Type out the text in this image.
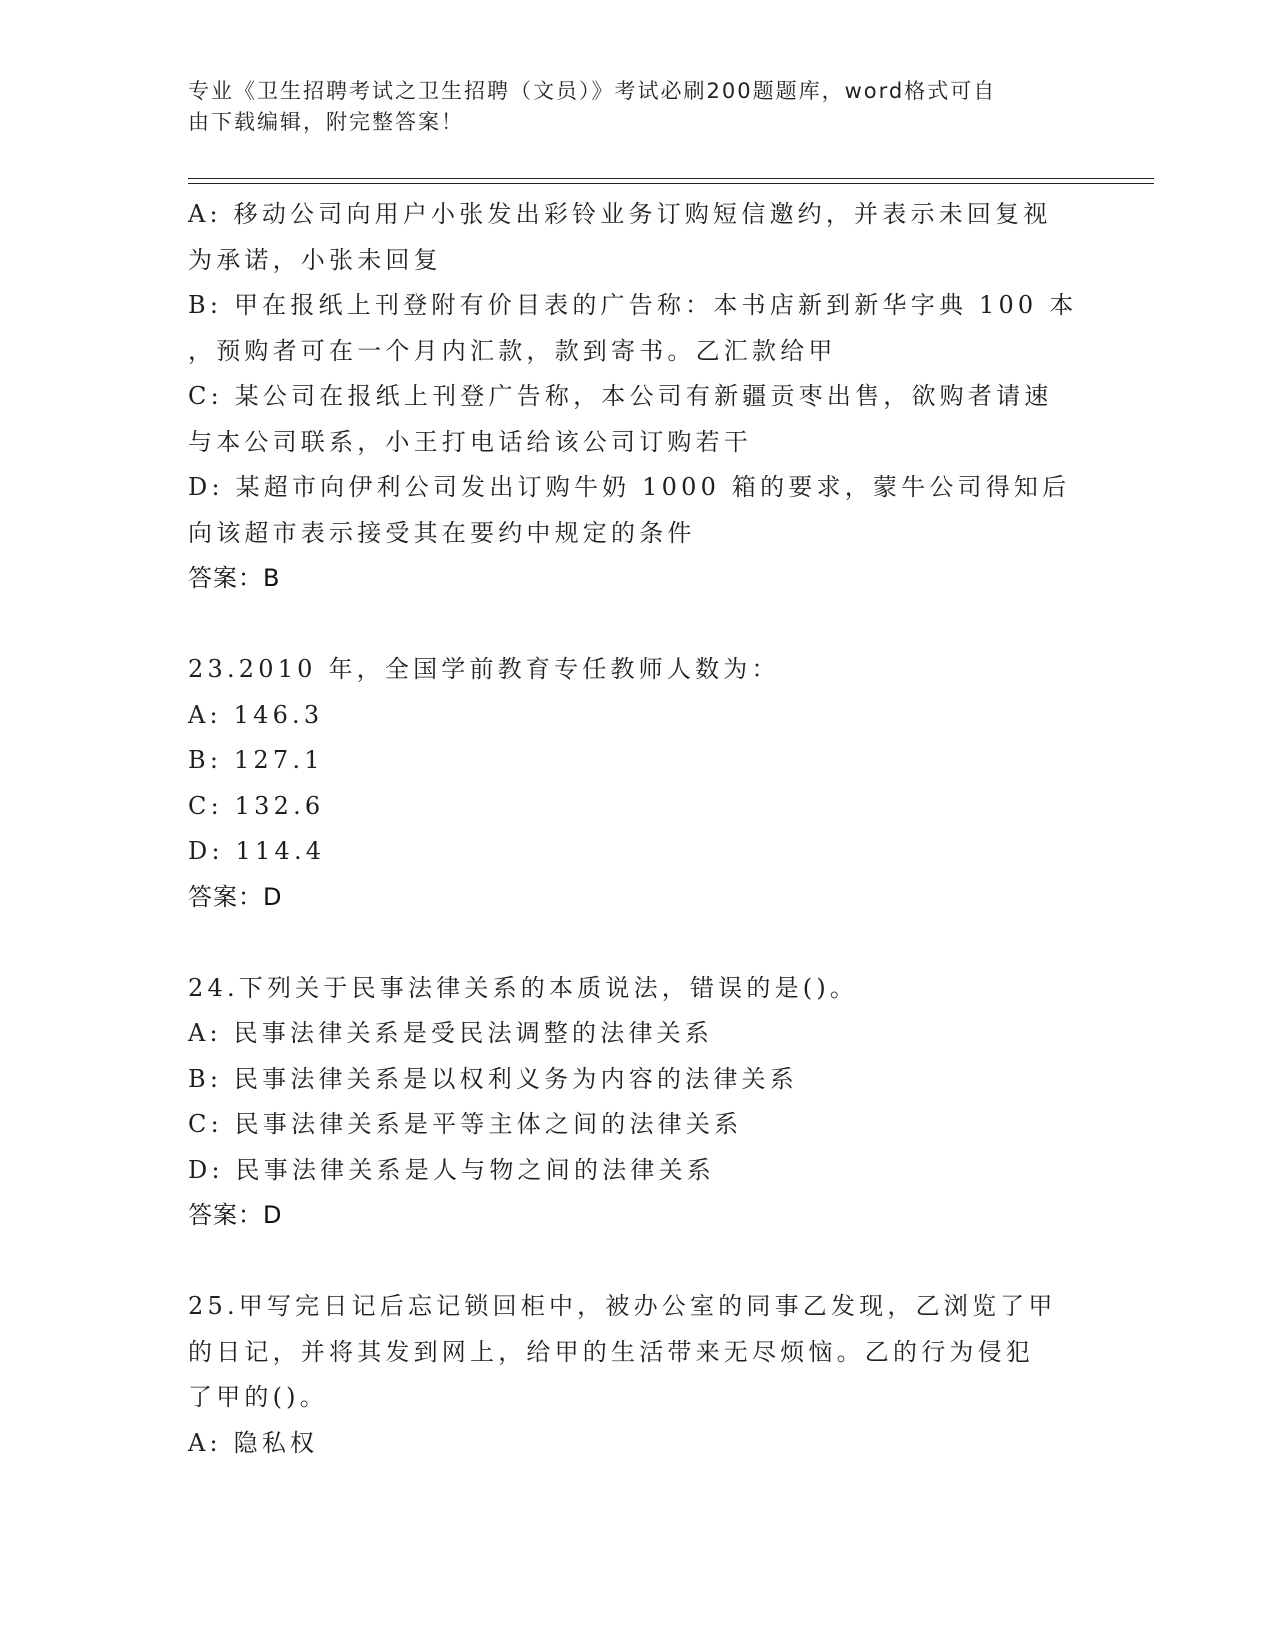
专业《卫生招聘考试之卫生招聘（文员）》考试必刷200题题库，word格式可自
由下载编辑，附完整答案！
A: 移动公司向用户小张发出彩铃业务订购短信邀约，并表示未回复视
为承诺，小张未回复
B: 甲在报纸上刊登附有价目表的广告称：本书店新到新华字典 100 本
，预购者可在一个月内汇款，款到寄书。乙汇款给甲
C: 某公司在报纸上刊登广告称，本公司有新疆贡枣出售，欲购者请速
与本公司联系，小王打电话给该公司订购若干
D: 某超市向伊利公司发出订购牛奶 1000 箱的要求，蒙牛公司得知后
向该超市表示接受其在要约中规定的条件
答案：B
23.2010 年，全国学前教育专任教师人数为：
A: 146.3
B: 127.1
C: 132.6
D: 114.4
答案：D
24.下列关于民事法律关系的本质说法，错误的是()。
A: 民事法律关系是受民法调整的法律关系
B: 民事法律关系是以权利义务为内容的法律关系
C: 民事法律关系是平等主体之间的法律关系
D: 民事法律关系是人与物之间的法律关系
答案：D
25.甲写完日记后忘记锁回柜中，被办公室的同事乙发现，乙浏览了甲
的日记，并将其发到网上，给甲的生活带来无尽烦恼。乙的行为侵犯
了甲的()。
A: 隐私权
